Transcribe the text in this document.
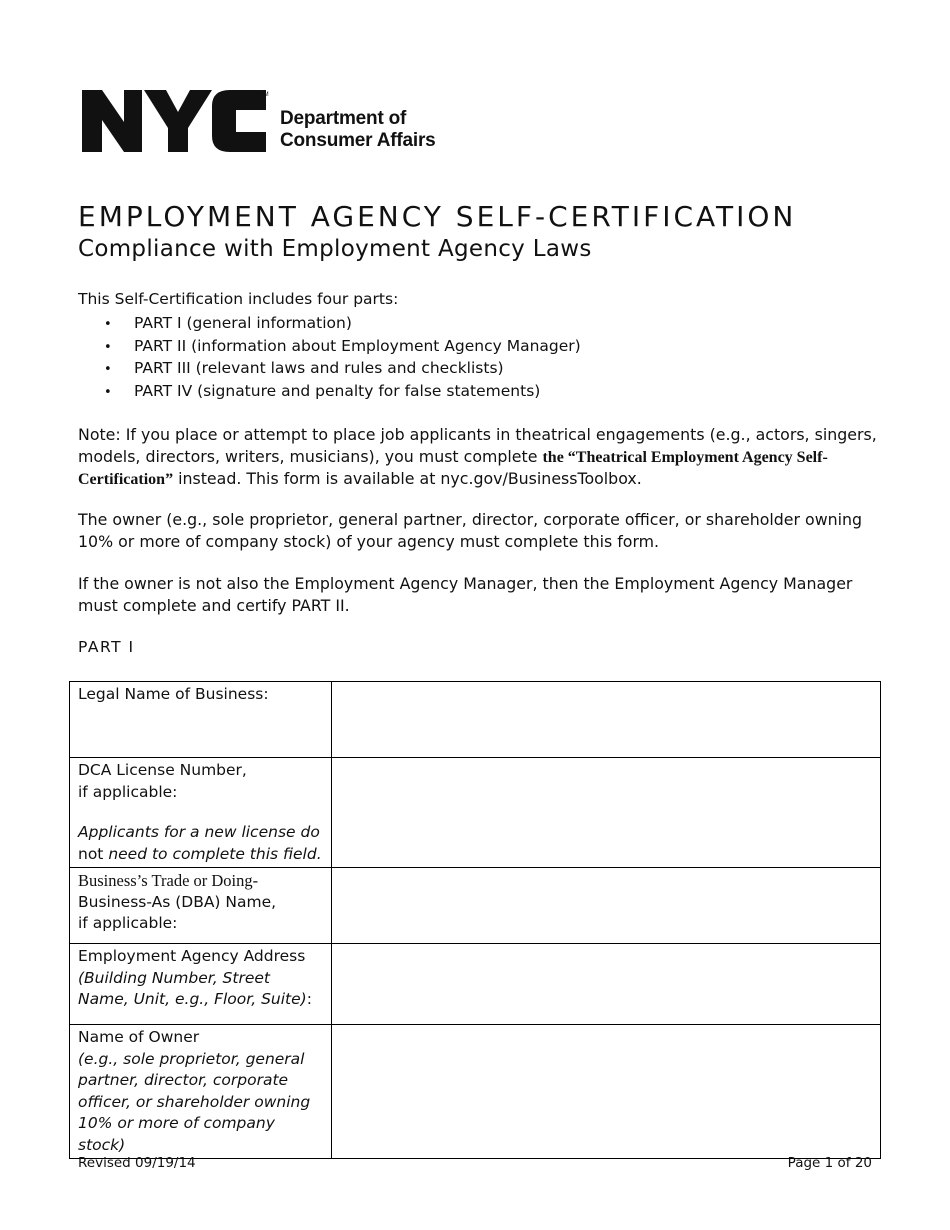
TM
Department of
Consumer Affairs
EMPLOYMENT AGENCY SELF-CERTIFICATION
Compliance with Employment Agency Laws
This Self-Certification includes four parts:
• PART I (general information)
• PART II (information about Employment Agency Manager)
• PART III (relevant laws and rules and checklists)
• PART IV (signature and penalty for false statements)
Note: If you place or attempt to place job applicants in theatrical engagements (e.g., actors, singers, models, directors, writers, musicians), you must complete the “Theatrical Employment Agency Self-Certification” instead. This form is available at nyc.gov/BusinessToolbox.
The owner (e.g., sole proprietor, general partner, director, corporate officer, or shareholder owning 10% or more of company stock) of your agency must complete this form.
If the owner is not also the Employment Agency Manager, then the Employment Agency Manager must complete and certify PART II.
PART I
Legal Name of Business:	

DCA License Number,
if applicable:
Applicants for a new license do
not need to complete this field.	

Business’s Trade or Doing-
Business-As (DBA) Name,
if applicable:	

Employment Agency Address
(Building Number, Street Name, Unit, e.g., Floor, Suite):	

Name of Owner
(e.g., sole proprietor, general partner, director, corporate officer, or shareholder owning 10% or more of company stock)	

Revised 09/19/14	Page 1 of 20
